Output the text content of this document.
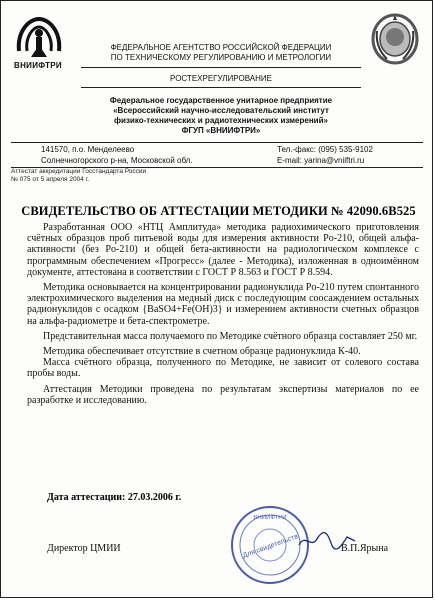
ВНИИФТРИ
ФЕДЕРАЛЬНОЕ АГЕНТСТВО РОССИЙСКОЙ ФЕДЕРАЦИИ
ПО ТЕХНИЧЕСКОМУ РЕГУЛИРОВАНИЮ И МЕТРОЛОГИИ
РОСТЕХРЕГУЛИРОВАНИЕ
Федеральное государственное унитарное предприятие
«Всероссийский научно-исследовательский институт
физико-технических и радиотехнических измерений»
ФГУП «ВНИИФТРИ»
141570, п.о. Менделеево
Солнечногорского р-на, Московской обл.
Тел.-факс: (095) 535-9102
E-mail: yarina@vniiftri.ru
Аттестат аккредитации Госстандарта России
№ 075 от 5 апреля 2004 г.
СВИДЕТЕЛЬСТВО ОБ АТТЕСТАЦИИ МЕТОДИКИ № 42090.6В525

Разработанная ООО «НТЦ Амплитуда» методика радиохимического приготовления счётных образцов проб питьевой воды для измерения активности Po-210, общей альфа-активности (без Po-210) и общей бета-активности на радиологическом комплексе с программным обеспечением «Прогресс» (далее - Методика), изложенная в одноимённом документе, аттестована в соответствии с ГОСТ Р 8.563 и ГОСТ Р 8.594.

Методика основывается на концентрировании радионуклида Po-210 путем спонтанного электрохимического выделения на медный диск с последующим соосаждением остальных радионуклидов с осадком {BaSO4+Fe(OH)3} и измерением активности счетных образцов на альфа-радиометре и бета-спектрометре.

Представительная масса получаемого по Методике счётного образца составляет 250 мг.

Методика обеспечивает отсутствие в счетном образце радионуклида К-40.

Масса счётного образца, полученного по Методике, не зависит от солевого состава пробы воды.

Аттестация Методики проведена по результатам экспертизы материалов по ее разработке и исследованию.

Дата аттестации: 27.03.2006 г.
Для свидетельств
ВНИИФТРИ
Директор ЦМИИ	В.П.Ярына
